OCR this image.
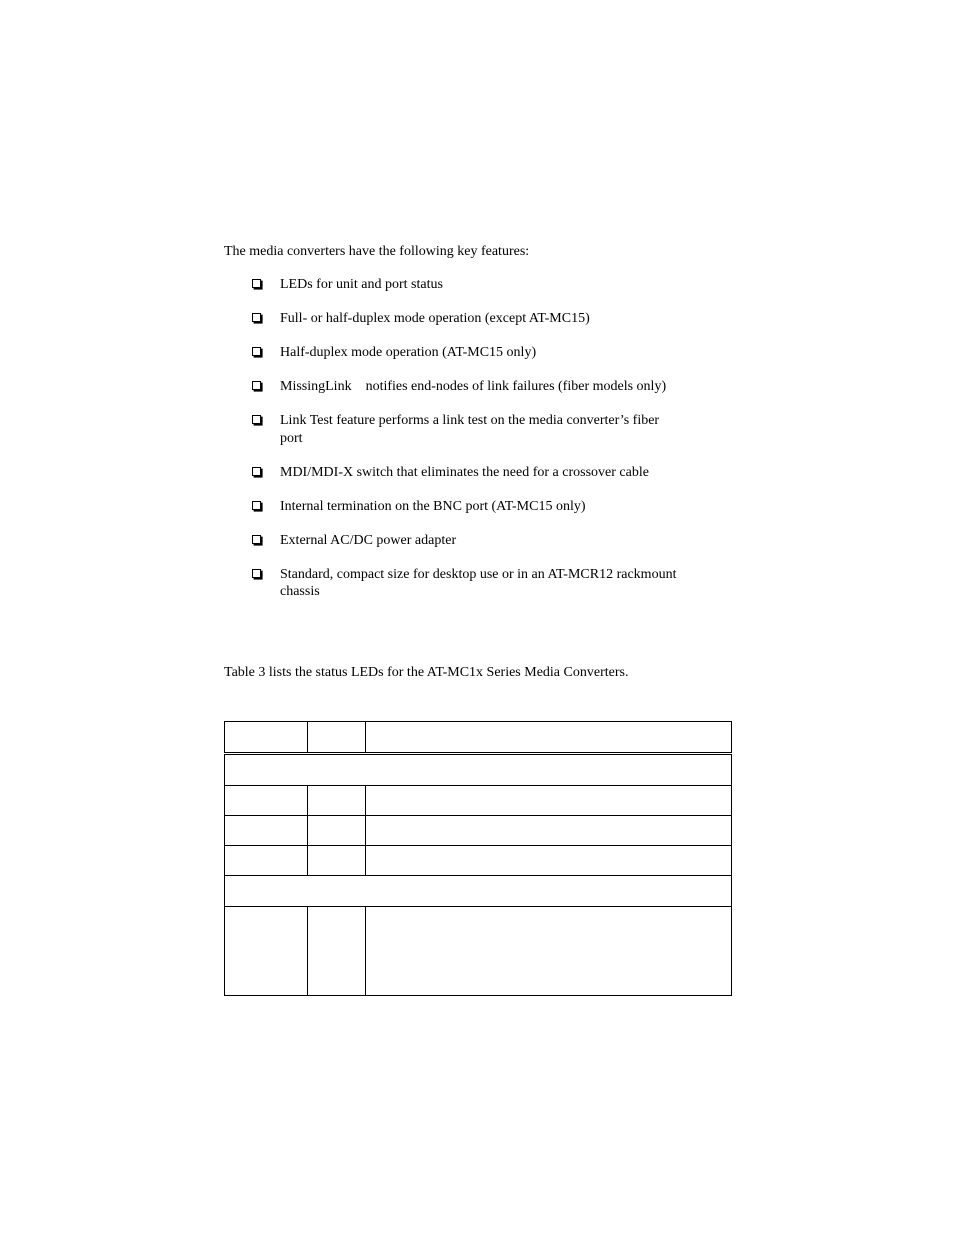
The media converters have the following key features:

LEDs for unit and port status
Full- or half-duplex mode operation (except AT-MC15)
Half-duplex mode operation (AT-MC15 only)
MissingLink    notifies end-nodes of link failures (fiber models only)
Link Test feature performs a link test on the media converter’s fiber
port
MDI/MDI-X switch that eliminates the need for a crossover cable
Internal termination on the BNC port (AT-MC15 only)
External AC/DC power adapter
Standard, compact size for desktop use or in an AT-MCR12 rackmount
chassis

Table 3 lists the status LEDs for the AT-MC1x Series Media Converters.
